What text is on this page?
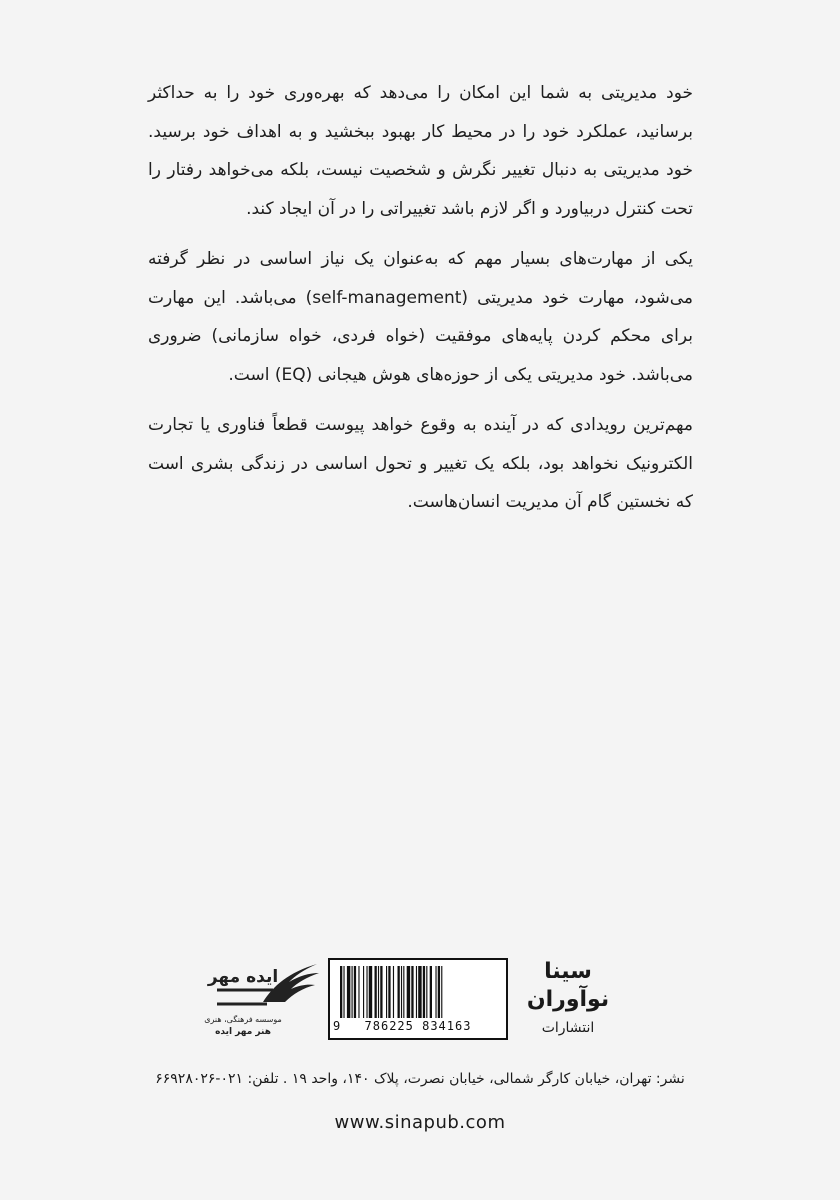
خود مدیریتی به شما این امکان را می‌دهد که بهره‌وری خود را به حداکثر برسانید، عملکرد خود را در محیط کار بهبود ببخشید و به اهداف خود برسید. خود مدیریتی به دنبال تغییر نگرش و شخصیت نیست، بلکه می‌خواهد رفتار را تحت کنترل دربیاورد و اگر لازم باشد تغییراتی را در آن ایجاد کند.

یکی از مهارت‌های بسیار مهم که به‌عنوان یک نیاز اساسی در نظر گرفته می‌شود، مهارت خود مدیریتی (self-management) می‌باشد. این مهارت برای محکم کردن پایه‌های موفقیت (خواه فردی، خواه سازمانی) ضروری می‌باشد. خود مدیریتی یکی از حوزه‌های هوش هیجانی (EQ) است.

مهم‌ترین رویدادی که در آینده به وقوع خواهد پیوست قطعاً فناوری یا تجارت الکترونیک نخواهد بود، بلکه یک تغییر و تحول اساسی در زندگی بشری است که نخستین گام آن مدیریت انسان‌هاست.

ایده مهر
موسسه فرهنگی، هنری
هنر مهر ایده	9 786225 834163
سینا
نوآوران
انتشارات
نشر: تهران، خیابان کارگر شمالی، خیابان نصرت، پلاک ۱۴۰، واحد ۱۹ . تلفن: ۰۲۱-۶۶۹۲۸۰۲۶
www.sinapub.com
